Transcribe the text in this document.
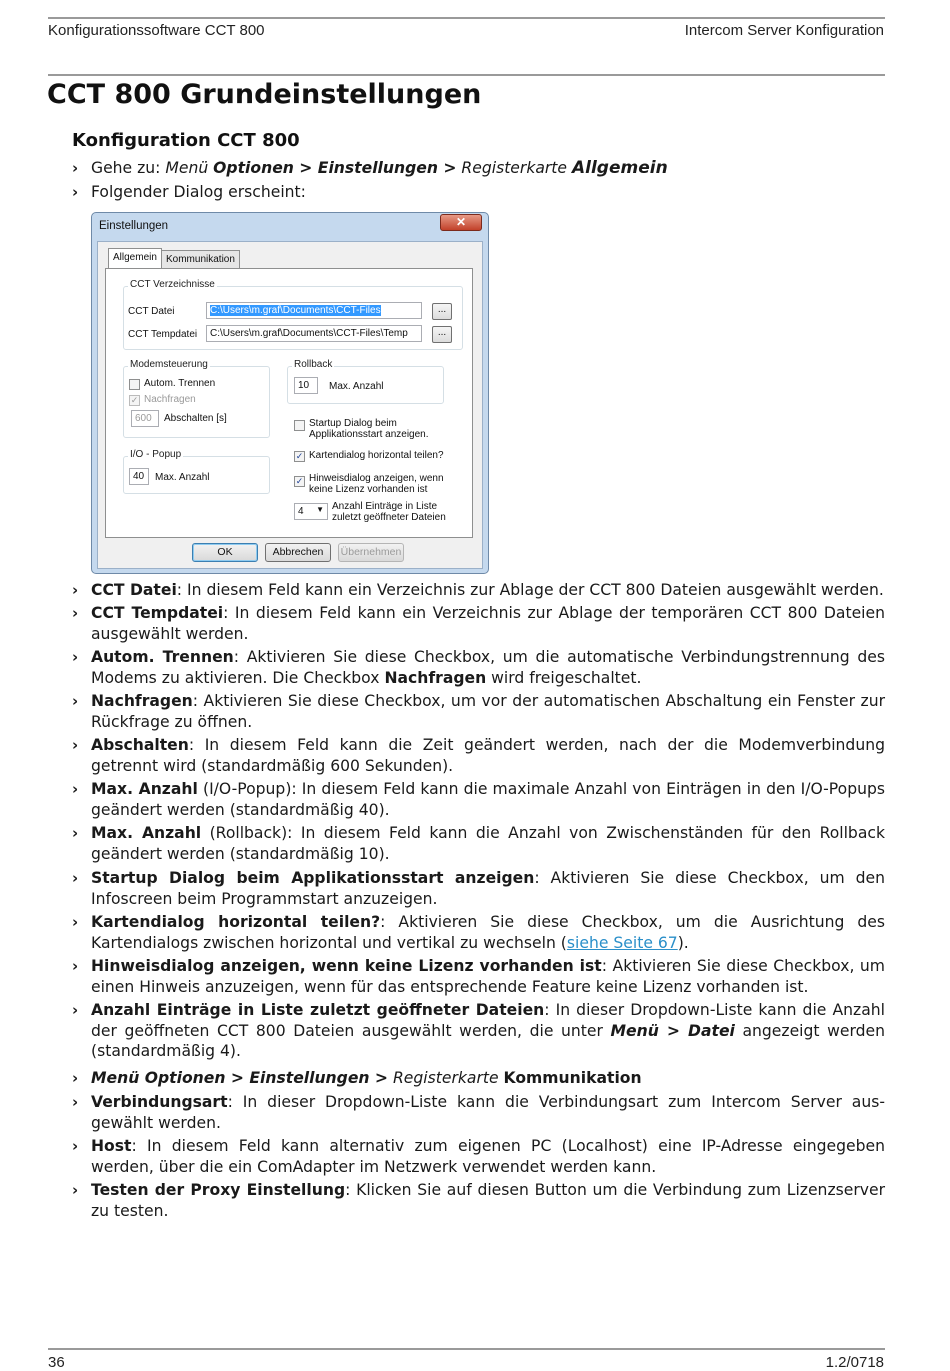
Konfigurationssoftware CCT 800	Intercom Server Konfiguration
CCT 800 Grundeinstellungen
Konfiguration CCT 800
› Gehe zu: Menü Optionen > Einstellungen > Registerkarte Allgemein
› Folgender Dialog erscheint:
Einstellungen	✕
Allgemein Kommunikation
CCT Verzeichnisse
CCT Datei	C:\Users\m.graf\Documents\CCT-Files	...
CCT Tempdatei	C:\Users\m.graf\Documents\CCT-Files\Temp	...
Modemsteuerung
Autom. Trennen
✓ Nachfragen
600	Abschalten [s]
Rollback
10	Max. Anzahl
I/O - Popup
40	Max. Anzahl
Startup Dialog beim
Applikationsstart anzeigen.
✓ Kartendialog horizontal teilen?
✓ Hinweisdialog anzeigen, wenn
keine Lizenz vorhanden ist
4 ▼ Anzahl Einträge in Liste
zuletzt geöffneter Dateien
OK	Abbrechen	Übernehmen
› CCT Datei: In diesem Feld kann ein Verzeichnis zur Ablage der CCT 800 Dateien ausgewählt werden.
› CCT Tempdatei: In diesem Feld kann ein Verzeichnis zur Ablage der temporären CCT 800 Dateien ausgewählt werden.
› Autom. Trennen: Aktivieren Sie diese Checkbox, um die automatische Verbindungstrennung des Modems zu aktivieren. Die Checkbox Nachfragen wird freigeschaltet.
› Nachfragen: Aktivieren Sie diese Checkbox, um vor der automatischen Abschaltung ein Fenster zur Rückfrage zu öffnen.
› Abschalten: In diesem Feld kann die Zeit geändert werden, nach der die Modemverbindung getrennt wird (standardmäßig 600 Sekunden).
› Max. Anzahl (I/O-Popup): In diesem Feld kann die maximale Anzahl von Einträgen in den I/O-Popups geändert werden (standardmäßig 40).
› Max. Anzahl (Rollback): In diesem Feld kann die Anzahl von Zwischenständen für den Rollback geändert werden (standardmäßig 10).
› Startup Dialog beim Applikationsstart anzeigen: Aktivieren Sie diese Checkbox, um den Infoscreen beim Programmstart anzuzeigen.
› Kartendialog horizontal teilen?: Aktivieren Sie diese Checkbox, um die Ausrichtung des Kartendialogs zwischen horizontal und vertikal zu wechseln (siehe Seite 67).
› Hinweisdialog anzeigen, wenn keine Lizenz vorhanden ist: Aktivieren Sie diese Checkbox, um einen Hinweis anzuzeigen, wenn für das entsprechende Feature keine Lizenz vorhanden ist.
› Anzahl Einträge in Liste zuletzt geöffneter Dateien: In dieser Dropdown-Liste kann die Anzahl der geöffneten CCT 800 Dateien ausgewählt werden, die unter Menü > Datei angezeigt werden (standardmäßig 4).
› Menü Optionen > Einstellungen > Registerkarte Kommunikation
› Verbindungsart: In dieser Dropdown-Liste kann die Verbindungsart zum Intercom Server aus-gewählt werden.
› Host: In diesem Feld kann alternativ zum eigenen PC (Localhost) eine IP-Adresse eingegeben werden, über die ein ComAdapter im Netzwerk verwendet werden kann.
› Testen der Proxy Einstellung: Klicken Sie auf diesen Button um die Verbindung zum Lizenzserver zu testen.
36	1.2/0718
